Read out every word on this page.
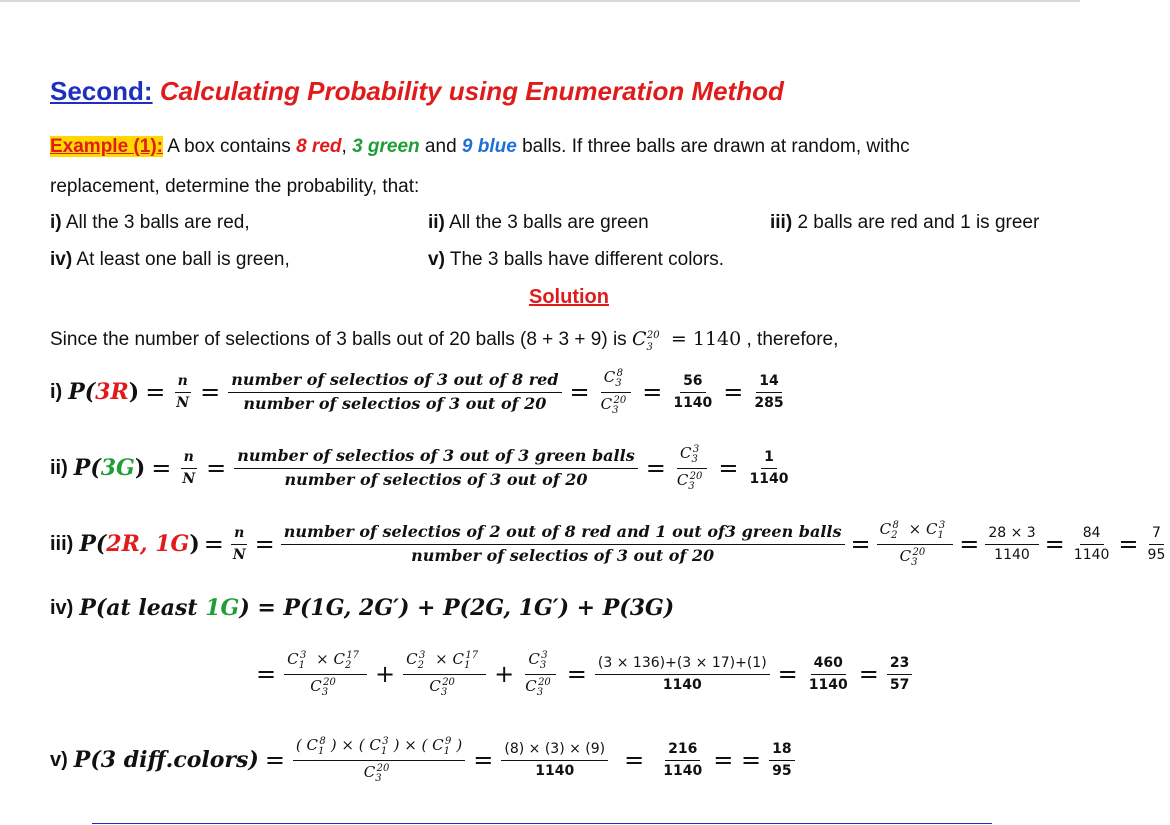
Second: Calculating Probability using Enumeration Method
Example (1): A box contains 8 red, 3 green and 9 blue balls. If three balls are drawn at random, withc
replacement, determine the probability, that:
i) All the 3 balls are red,	ii) All the 3 balls are green	iii) 2 balls are red and 1 is greer
iv) At least one ball is green,	v) The 3 balls have different colors.
Solution
Since the number of selections of 3 balls out of 20 balls (8 + 3 + 9) is $C_3^{20} = 1140$ , therefore,
i) $P(3R) = \frac{n}{N} = \frac{\text{number of selectios of 3 out of 8 red}}{\text{number of selectios of 3 out of 20}} = \frac{C_3^8}{C_3^{20}} = \frac{56}{1140} = \frac{14}{285}$
ii) $P(3G) = \frac{n}{N} = \frac{\text{number of selectios of 3 out of 3 green balls}}{\text{number of selectios of 3 out of 20}} = \frac{C_3^3}{C_3^{20}} = \frac{1}{1140}$
iii) P(2R, $1G) = \frac{n}{N}$ = number of selectios of 2 out of 8 red and 1 out of3 green balls
number of selectios of 3 out of 20	= $\frac{C_2^8 \times C_1^3}{C_3^{20}} = \frac{28 \times 3}{1140} = \frac{84}{1140} = \frac{7}{95}$
iv) P(at least 1G) = P(1G, 2G′) + P(2G, 1G′) + P(3G)
= $\frac{C_1^3 \times C_2^{17}}{C_3^{20}} + \frac{C_2^3 \times C_1^{17}}{C_3^{20}} + \frac{C_3^3}{C_3^{20}} = \frac{(3 \times 136)+(3 \times 17)+(1)}{1140} = \frac{460}{1140} = \frac{23}{57}$
v) P(3 diff.colors) = $\frac{( C_1^8 ) \times ( C_1^3 ) \times ( C_1^9 )}{C_3^{20}} = \frac{(8) \times (3) \times (9)}{1140} = \frac{216}{1140}$ = = $\frac{18}{95}$
